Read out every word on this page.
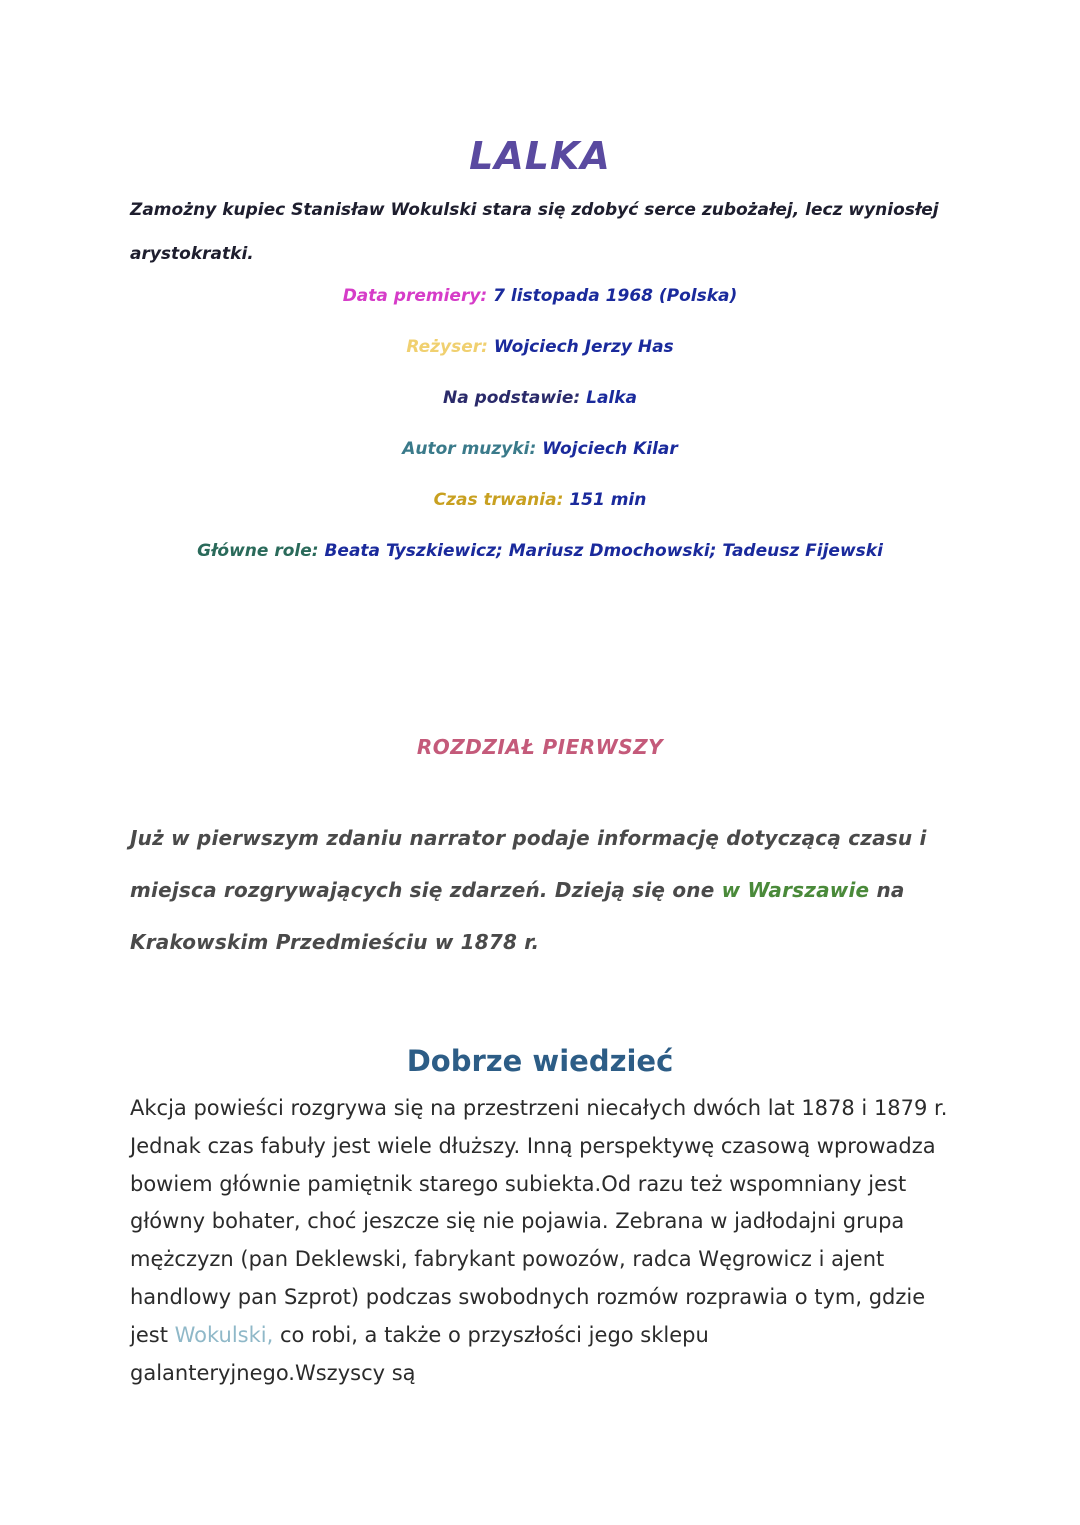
LALKA
Zamożny kupiec Stanisław Wokulski stara się zdobyć serce zubożałej, lecz wyniosłej arystokratki.
Data premiery: 7 listopada 1968 (Polska)
Reżyser: Wojciech Jerzy Has
Na podstawie: Lalka
Autor muzyki: Wojciech Kilar
Czas trwania: 151 min
Główne role: Beata Tyszkiewicz; Mariusz Dmochowski; Tadeusz Fijewski
ROZDZIAŁ PIERWSZY
Już w pierwszym zdaniu narrator podaje informację dotyczącą czasu i miejsca rozgrywających się zdarzeń. Dzieją się one w Warszawie na Krakowskim Przedmieściu w 1878 r.
Dobrze wiedzieć
Akcja powieści rozgrywa się na przestrzeni niecałych dwóch lat 1878 i 1879 r. Jednak czas fabuły jest wiele dłuższy. Inną perspektywę czasową wprowadza bowiem głównie pamiętnik starego subiekta.Od razu też wspomniany jest główny bohater, choć jeszcze się nie pojawia. Zebrana w jadłodajni grupa mężczyzn (pan Deklewski, fabrykant powozów, radca Węgrowicz i ajent handlowy pan Szprot) podczas swobodnych rozmów rozprawia o tym, gdzie jest Wokulski, co robi, a także o przyszłości jego sklepu galanteryjnego.Wszyscy są
